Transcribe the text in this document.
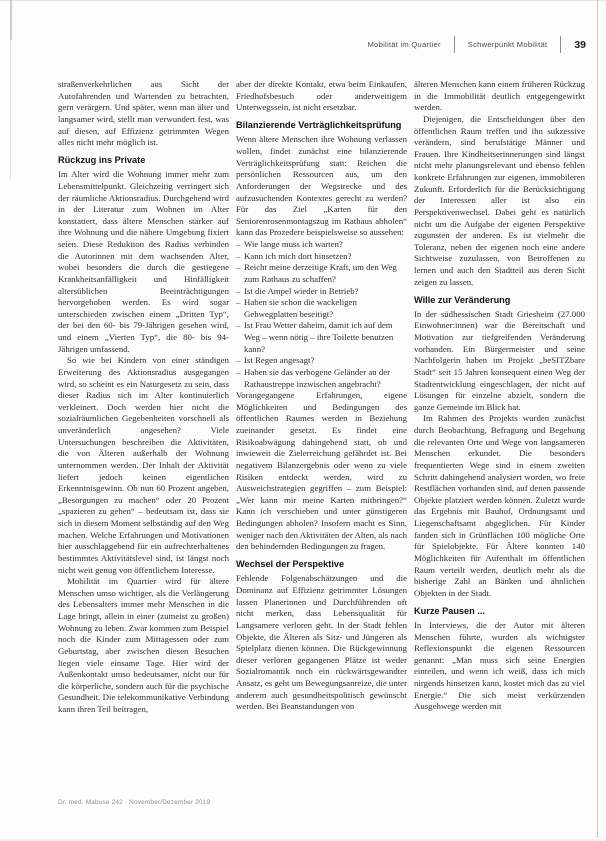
Mobilität im Quartier	Schwerpunkt Mobilität	39

straßenverkehrlichen aus Sicht der Autofahrenden und Wartenden zu betrachten, gern verärgern. Und später, wenn man älter und langsamer wird, stellt man verwundert fest, was auf diesen, auf Effizienz getrimmten Wegen alles nicht mehr möglich ist.

Rückzug ins Private

Im Alter wird die Wohnung immer mehr zum Lebensmittelpunkt. Gleichzeitig verringert sich der räumliche Aktionsradius. Durchgehend wird in der Literatur zum Wohnen im Alter konstatiert, dass ältere Menschen stärker auf ihre Wohnung und die nähere Umgebung fixiert seien. Diese Reduktion des Radius verbinden die Autorinnen mit dem wachsenden Alter, wobei besonders die durch die gestiegene Krankheitsanfälligkeit und Hinfälligkeit altersüblichen Beeinträchtigungen hervorgehoben werden. Es wird sogar unterschieden zwischen einem „Dritten Typ“, der bei den 60- bis 79-Jährigen gesehen wird, und einem „Vierten Typ“, die 80- bis 94-Jährigen umfassend.

So wie bei Kindern von einer ständigen Erweiterung des Aktionsradius ausgegangen wird, so scheint es ein Naturgesetz zu sein, dass dieser Radius sich im Alter kontinuierlich verkleinert. Doch werden hier nicht die sozialräumlichen Gegebenheiten vorschnell als unveränderlich angesehen? Viele Untersuchungen beschreiben die Aktivitäten, die von Älteren außerhalb der Wohnung unternommen werden. Der Inhalt der Aktivität liefert jedoch keinen eigentlichen Erkenntnisgewinn. Ob nun 60 Prozent angeben, „Besorgungen zu machen“ oder 20 Prozent „spazieren zu gehen“ – bedeutsam ist, dass sie sich in diesem Moment selbständig auf den Weg machen. Welche Erfahrungen und Motivationen hier ausschlaggebend für ein aufrechterhaltenes bestimmtes Aktivitätslevel sind, ist längst noch nicht weit genug von öffentlichem Interesse.

Mobilität im Quartier wird für ältere Menschen umso wichtiger, als die Verlängerung des Lebensalters immer mehr Menschen in die Lage bringt, allein in einer (zumeist zu großen) Wohnung zu leben. Zwar kommen zum Beispiel noch die Kinder zum Mittagessen oder zum Geburtstag, aber zwischen diesen Besuchen liegen viele einsame Tage. Hier wird der Außenkontakt umso bedeutsamer, nicht nur für die körperliche, sondern auch für die psychische Gesundheit. Die telekommunikative Verbindung kann ihren Teil beitragen,

aber der direkte Kontakt, etwa beim Einkaufen, Friedhofsbesuch oder anderweitigem Unterwegssein, ist nicht ersetzbar.

Bilanzierende Verträglichkeitsprüfung

Wenn ältere Menschen ihre Wohnung verlassen wollen, findet zunächst eine bilanzierende Verträglichkeitsprüfung statt: Reichen die persönlichen Ressourcen aus, um den Anforderungen der Wegstrecke und des aufzusuchenden Kontextes gerecht zu werden? Für das Ziel „Karten für den Seniorenrosenmontagszug im Rathaus abholen“ kann das Prozedere beispielsweise so aussehen:

– Wie lange muss ich warten?
– Kann ich mich dort hinsetzen?
– Reicht meine derzeitige Kraft, um den Weg zum Rathaus zu schaffen?
– Ist die Ampel wieder in Betrieb?
– Haben sie schon die wackeligen Gehwegplatten beseitigt?
– Ist Frau Wetter daheim, damit ich auf dem Weg – wenn nötig – ihre Toilette benutzen kann?
– Ist Regen angesagt?
– Haben sie das verbogene Geländer an der Rathaustreppe inzwischen angebracht?

Vorangegangene Erfahrungen, eigene Möglichkeiten und Bedingungen des öffentlichen Raumes werden in Beziehung zueinander gesetzt. Es findet eine Risikoabwägung dahingehend statt, ob und inwieweit die Zielerreichung gefährdet ist. Bei negativem Bilanzergebnis oder wenn zu viele Risiken entdeckt werden, wird zu Ausweichstrategien gegriffen – zum Beispiel: „Wer kann mir meine Karten mitbringen?“ Kann ich verschieben und unter günstigeren Bedingungen abholen? Insofern macht es Sinn, weniger nach den Aktivitäten der Alten, als nach den behindernden Bedingungen zu fragen.

Wechsel der Perspektive

Fehlende Folgenabschätzungen und die Dominanz auf Effizienz getrimmter Lösungen lassen Planerinnen und Durchführenden oft nicht merken, dass Lebensqualität für Langsamere verloren geht. In der Stadt fehlen Objekte, die Älteren als Sitz- und Jüngeren als Spielplatz dienen können. Die Rückgewinnung dieser verloren gegangenen Plätze ist weder Sozialromantik noch ein rückwärtsgewandter Ansatz, es geht um Bewegungsanreize, die unter anderem auch gesundheitspolitisch gewünscht werden. Bei Beanstandungen von

älteren Menschen kann einem früheren Rückzug in die Immobilität deutlich entgegengewirkt werden.

Diejenigen, die Entscheidungen über den öffentlichen Raum treffen und ihn sukzessive verändern, sind berufstätige Männer und Frauen. Ihre Kindheitserinnerungen sind längst nicht mehr planungsrelevant und ebenso fehlen konkrete Erfahrungen zur eigenen, immobileren Zukunft. Erforderlich für die Berücksichtigung der Interessen aller ist also ein Perspektivenwechsel. Dabei geht es natürlich nicht um die Aufgabe der eigenen Perspektive zugunsten der anderen. Es ist vielmehr die Toleranz, neben der eigenen noch eine andere Sichtweise zuzulassen, von Betroffenen zu lernen und auch den Stadtteil aus deren Sicht zeigen zu lassen.

Wille zur Veränderung

In der südhessischen Stadt Griesheim (27.000 Einwohner:innen) war die Bereitschaft und Motivation zur tiefgreifenden Veränderung vorhanden. Ein Bürgermeister und seine Nachfolgerin haben im Projekt „beSITZbare Stadt“ seit 15 Jahren konsequent einen Weg der Stadtentwicklung eingeschlagen, der nicht auf Lösungen für einzelne abzielt, sondern die ganze Gemeinde im Blick hat.

Im Rahmen des Projekts wurden zunächst durch Beobachtung, Befragung und Begehung die relevanten Orte und Wege von langsameren Menschen erkundet. Die besonders frequentierten Wege sind in einem zweiten Schritt dahingehend analysiert worden, wo freie Restflächen vorhanden sind, auf denen passende Objekte platziert werden können. Zuletzt wurde das Ergebnis mit Bauhof, Ordnungsamt und Liegenschaftsamt abgeglichen. Für Kinder fanden sich in Grünflächen 100 mögliche Orte für Spielobjekte. Für Ältere konnten 140 Möglichkeiten für Aufenthalt im öffentlichen Raum verteilt werden, deutlich mehr als die bisherige Zahl an Bänken und ähnlichen Objekten in der Stadt.

Kurze Pausen ...

In Interviews, die der Autor mit älteren Menschen führte, wurden als wichtigster Reflexionspunkt die eigenen Ressourcen genannt: „Man muss sich seine Energien einteilen, und wenn ich weiß, dass ich mich nirgends hinsetzen kann, kostet mich das zu viel Energie.“ Die sich meist verkürzenden Ausgehwege werden mit

Dr. med. Mabuse 242 · November/Dezember 2019
